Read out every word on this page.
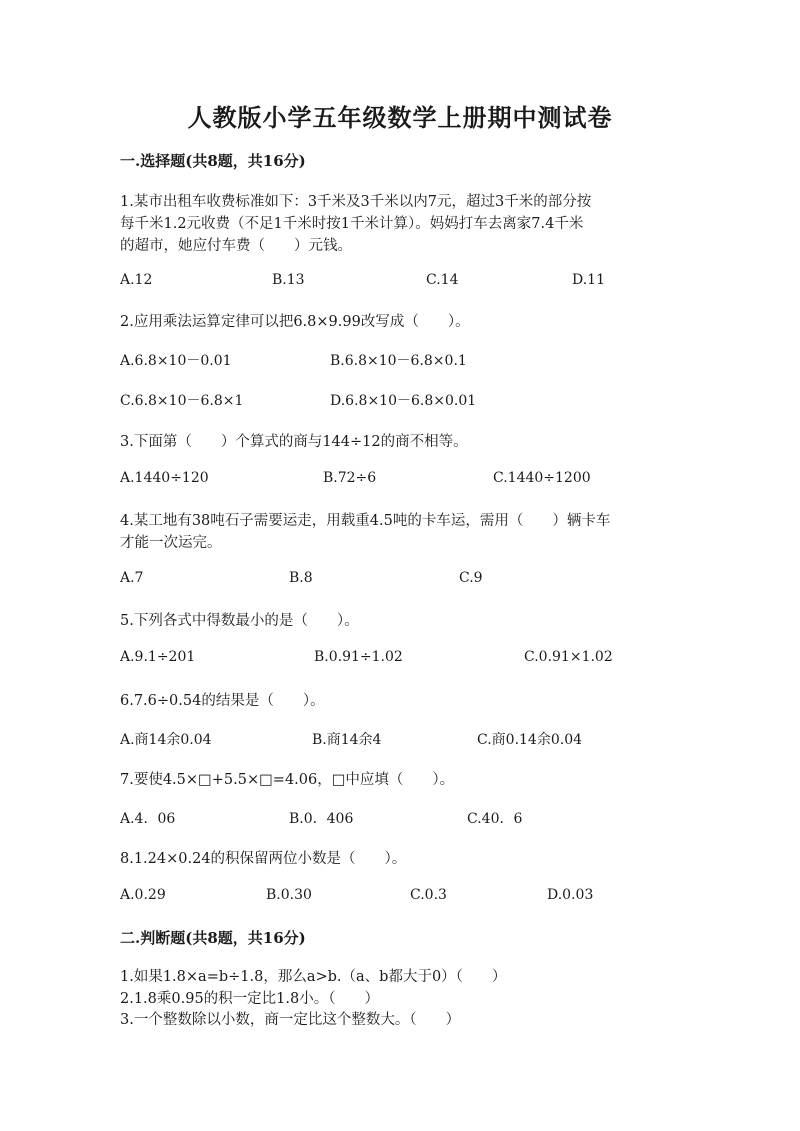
人教版小学五年级数学上册期中测试卷
一.选择题(共8题，共16分)
1.某市出租车收费标准如下：3千米及3千米以内7元，超过3千米的部分按
每千米1.2元收费（不足1千米时按1千米计算）。妈妈打车去离家7.4千米
的超市，她应付车费（　　）元钱。
A.12	B.13	C.14	D.11
2.应用乘法运算定律可以把6.8×9.99改写成（　　）。
A.6.8×10－0.01	B.6.8×10－6.8×0.1
C.6.8×10－6.8×1	D.6.8×10－6.8×0.01
3.下面第（　　）个算式的商与144÷12的商不相等。
A.1440÷120	B.72÷6	C.1440÷1200
4.某工地有38吨石子需要运走，用载重4.5吨的卡车运，需用（　　）辆卡车
才能一次运完。
A.7	B.8	C.9
5.下列各式中得数最小的是（　　）。
A.9.1÷201	B.0.91÷1.02	C.0.91×1.02
6.7.6÷0.54的结果是（　　）。
A.商14余0.04	B.商14余4	C.商0.14余0.04
7.要使4.5×□+5.5×□=4.06，□中应填（　　）。
A.4．06	B.0．406	C.40．6
8.1.24×0.24的积保留两位小数是（　　）。
A.0.29	B.0.30	C.0.3	D.0.03
二.判断题(共8题，共16分)
1.如果1.8×a=b÷1.8，那么a>b.（a、b都大于0）（　　）
2.1.8乘0.95的积一定比1.8小。（　　）
3.一个整数除以小数，商一定比这个整数大。（　　）
